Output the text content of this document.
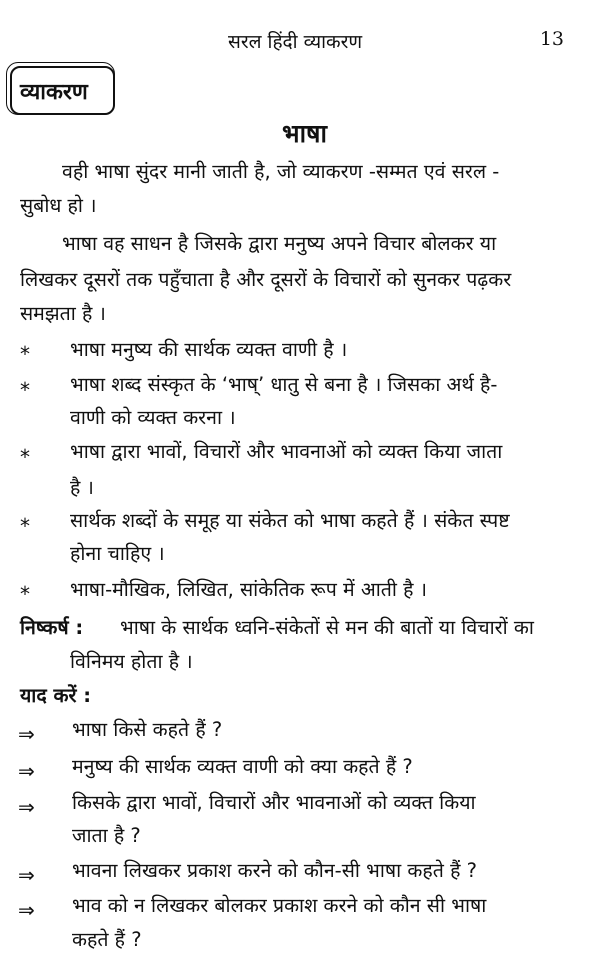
सरल हिंदी व्याकरण	13
व्याकरण
भाषा
वही भाषा सुंदर मानी जाती है, जो व्याकरण -सम्मत एवं सरल -
सुबोध हो ।
भाषा वह साधन है जिसके द्वारा मनुष्य अपने विचार बोलकर या
लिखकर दूसरों तक पहुँचाता है और दूसरों के विचारों को सुनकर पढ़कर
समझता है ।
* भाषा मनुष्य की सार्थक व्यक्त वाणी है ।
* भाषा शब्द संस्कृत के ‘भाष्’ धातु से बना है । जिसका अर्थ है-
वाणी को व्यक्त करना ।
* भाषा द्वारा भावों, विचारों और भावनाओं को व्यक्त किया जाता
है ।
* सार्थक शब्दों के समूह या संकेत को भाषा कहते हैं । संकेत स्पष्ट
होना चाहिए ।
* भाषा-मौखिक, लिखित, सांकेतिक रूप में आती है ।
निष्कर्ष : भाषा के सार्थक ध्वनि-संकेतों से मन की बातों या विचारों का
विनिमय होता है ।
याद करें :
⇒ भाषा किसे कहते हैं ?
⇒ मनुष्य की सार्थक व्यक्त वाणी को क्या कहते हैं ?
⇒ किसके द्वारा भावों, विचारों और भावनाओं को व्यक्त किया
जाता है ?
⇒ भावना लिखकर प्रकाश करने को कौन-सी भाषा कहते हैं ?
⇒ भाव को न लिखकर बोलकर प्रकाश करने को कौन सी भाषा
कहते हैं ?
